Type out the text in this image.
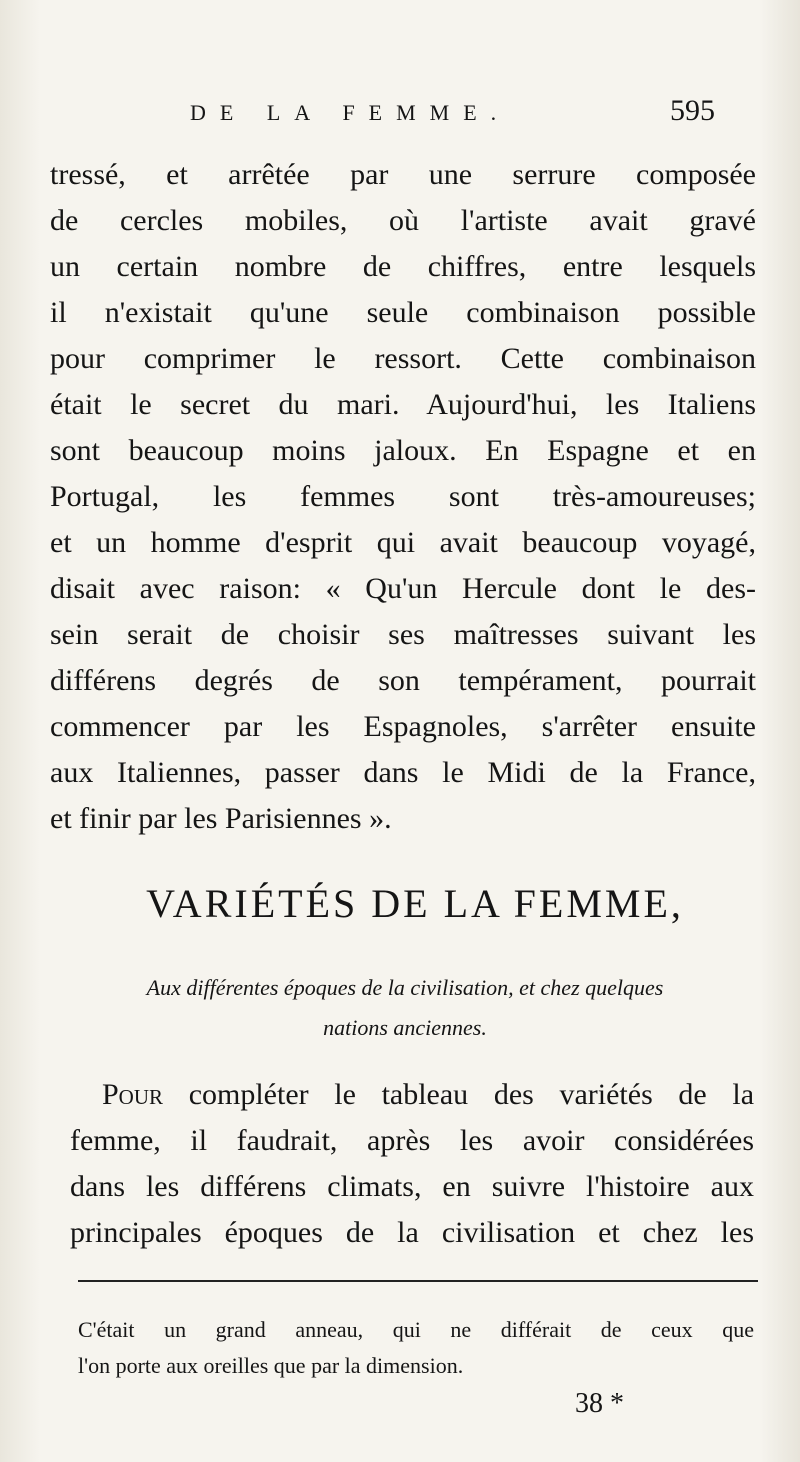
DE LA FEMME.	595
tressé, et arrêtée par une serrure composée
de cercles mobiles, où l'artiste avait gravé
un certain nombre de chiffres, entre lesquels
il n'existait qu'une seule combinaison possible
pour comprimer le ressort. Cette combinaison
était le secret du mari. Aujourd'hui, les Italiens
sont beaucoup moins jaloux. En Espagne et en
Portugal, les femmes sont très-amoureuses;
et un homme d'esprit qui avait beaucoup voyagé,
disait avec raison: « Qu'un Hercule dont le des-
sein serait de choisir ses maîtresses suivant les
différens degrés de son tempérament, pourrait
commencer par les Espagnoles, s'arrêter ensuite
aux Italiennes, passer dans le Midi de la France,
et finir par les Parisiennes ».
VARIÉTÉS DE LA FEMME,
Aux différentes époques de la civilisation, et chez quelques
nations anciennes.
Pour compléter le tableau des variétés de la
femme, il faudrait, après les avoir considérées
dans les différens climats, en suivre l'histoire aux
principales époques de la civilisation et chez les
C'était un grand anneau, qui ne différait de ceux que
l'on porte aux oreilles que par la dimension.
38 *
